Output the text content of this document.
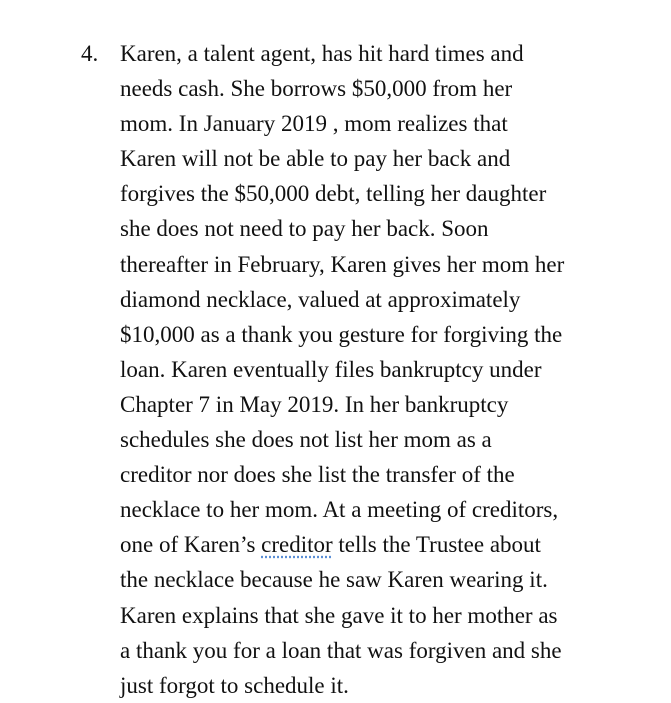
4. Karen, a talent agent, has hit hard times and
needs cash. She borrows $50,000 from her
mom. In January 2019 , mom realizes that
Karen will not be able to pay her back and
forgives the $50,000 debt, telling her daughter
she does not need to pay her back. Soon
thereafter in February, Karen gives her mom her
diamond necklace, valued at approximately
$10,000 as a thank you gesture for forgiving the
loan. Karen eventually files bankruptcy under
Chapter 7 in May 2019. In her bankruptcy
schedules she does not list her mom as a
creditor nor does she list the transfer of the
necklace to her mom. At a meeting of creditors,
one of Karen’s creditor tells the Trustee about
the necklace because he saw Karen wearing it.
Karen explains that she gave it to her mother as
a thank you for a loan that was forgiven and she
just forgot to schedule it.
